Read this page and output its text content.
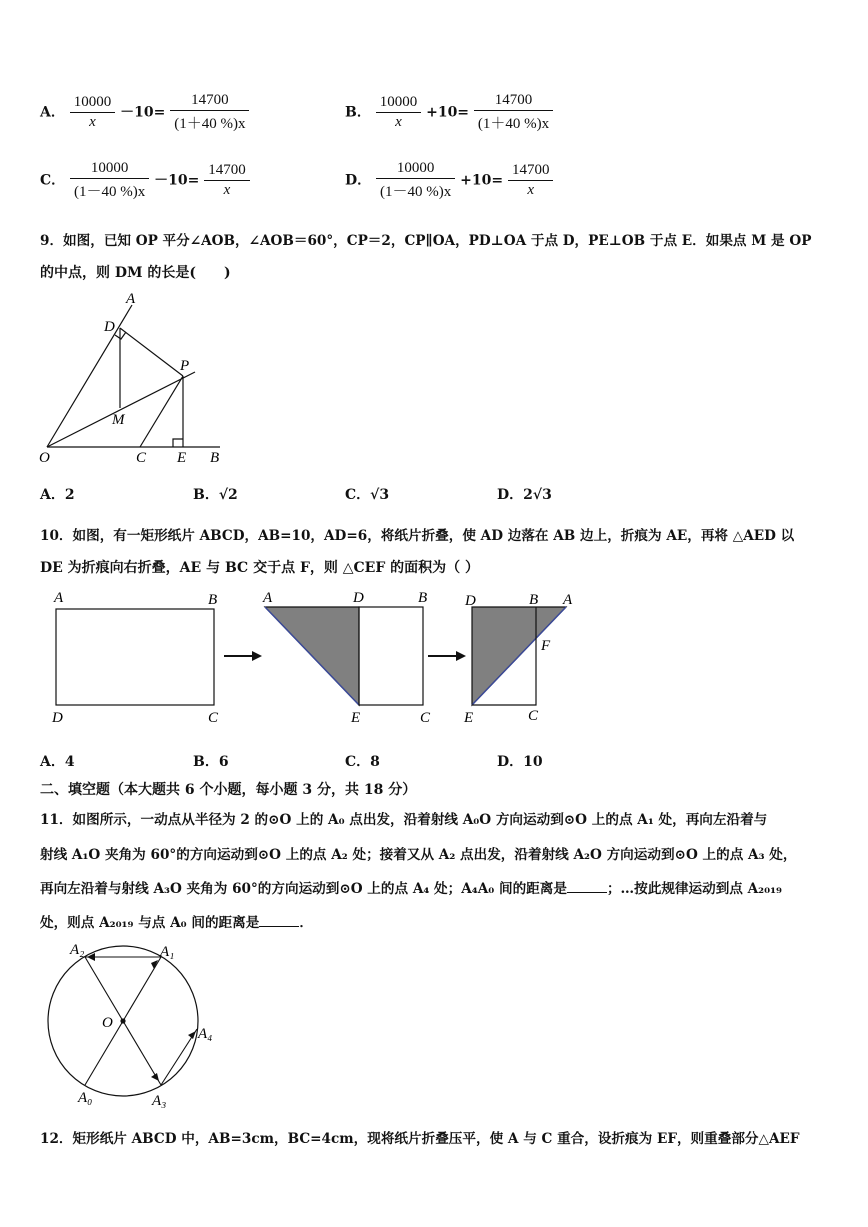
A． $\frac{10000}{x} -10= \frac{14700}{(1+40 \%)x}$	B． $\frac{10000}{x} +10= \frac{14700}{(1+40 \%)x}$
C． $\frac{10000}{(1-40 \%)x} -10= \frac{14700}{x}$	D． $\frac{10000}{(1-40 \%)x} +10= \frac{14700}{x}$
9．如图，已知 OP 平分∠AOB，∠AOB＝60°，CP＝2，CP∥OA，PD⊥OA 于点 D，PE⊥OB 于点 E．如果点 M 是 OP
的中点，则 DM 的长是(　　)
A
D
P
M
O	C E B
A．2	B．√2	C．√3	D．2√3
10．如图，有一矩形纸片 ABCD，AB=10，AD=6，将纸片折叠，使 AD 边落在 AB 边上，折痕为 AE，再将 △AED 以
DE 为折痕向右折叠，AE 与 BC 交于点 F，则 △CEF 的面积为（ ）
A	B
D	C
A	D	B
E	C
D	B A
F
E	C
A．4	B．6	C．8	D．10
二、填空题（本大题共 6 个小题，每小题 3 分，共 18 分）
11．如图所示，一动点从半径为 2 的⊙O 上的 A₀ 点出发，沿着射线 A₀O 方向运动到⊙O 上的点 A₁ 处，再向左沿着与
射线 A₁O 夹角为 60°的方向运动到⊙O 上的点 A₂ 处；接着又从 A₂ 点出发，沿着射线 A₂O 方向运动到⊙O 上的点 A₃ 处，
再向左沿着与射线 A₃O 夹角为 60°的方向运动到⊙O 上的点 A₄ 处；A₄A₀ 间的距离是	；…按此规律运动到点 A₂₀₁₉
处，则点 A₂₀₁₉ 与点 A₀ 间的距离是	．
A₂	A₁
O
A₄
A₀	A₃
12．矩形纸片 ABCD 中，AB=3cm，BC=4cm，现将纸片折叠压平，使 A 与 C 重合，设折痕为 EF，则重叠部分△AEF
